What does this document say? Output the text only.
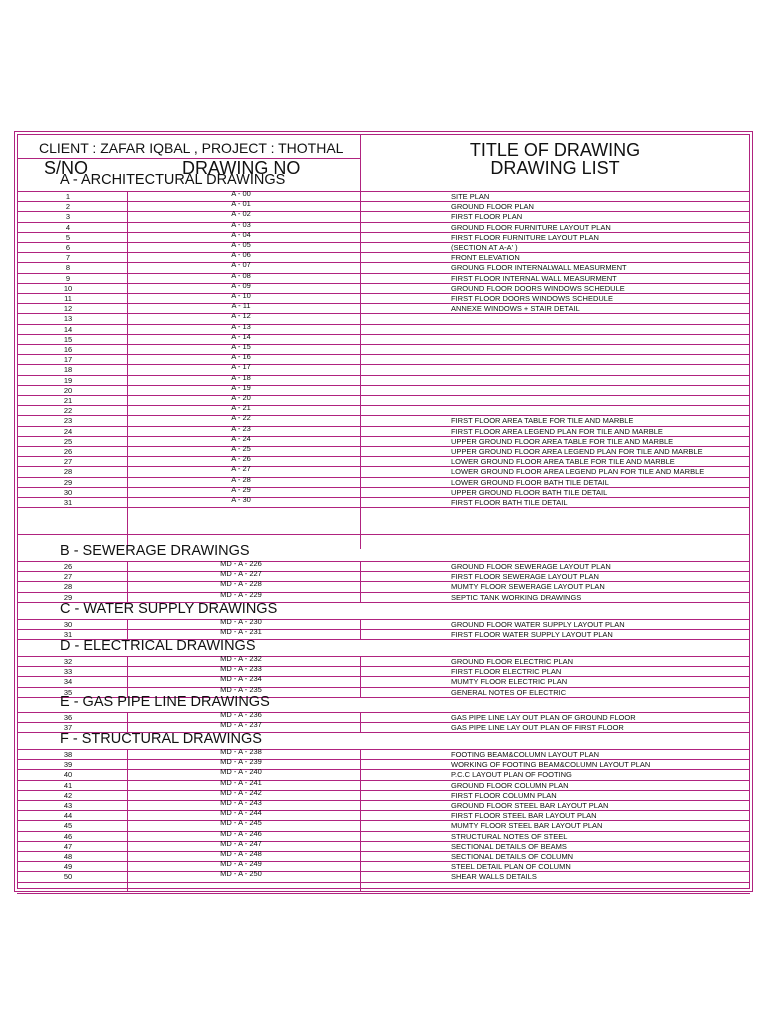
CLIENT : ZAFAR IQBAL , PROJECT : THOTHAL	TITLE OF DRAWING
DRAWING LIST
S/NO	DRAWING NO
A - ARCHITECTURAL DRAWINGS
1	A - 00	SITE PLAN
2	A - 01	GROUND FLOOR PLAN
3	A - 02	FIRST FLOOR PLAN
4	A - 03	GROUND FLOOR FURNITURE LAYOUT PLAN
5	A - 04	FIRST FLOOR FURNITURE LAYOUT PLAN
6	A - 05	(SECTION AT A-A' )
7	A - 06	FRONT ELEVATION
8	A - 07	GROUNG FLOOR INTERNALWALL MEASURMENT
9	A - 08	FIRST FLOOR INTERNAL WALL MEASURMENT
10	A - 09	GROUND FLOOR DOORS WINDOWS SCHEDULE
11	A - 10	FIRST FLOOR DOORS WINDOWS SCHEDULE
12	A - 11	ANNEXE WINDOWS + STAIR DETAIL
13	A - 12
14	A - 13
15	A - 14
16	A - 15
17	A - 16
18	A - 17
19	A - 18
20	A - 19
21	A - 20
22	A - 21
23	A - 22	FIRST FLOOR AREA TABLE FOR TILE AND MARBLE
24	A - 23	FIRST FLOOR AREA LEGEND PLAN FOR TILE AND MARBLE
25	A - 24	UPPER GROUND FLOOR AREA TABLE FOR TILE AND MARBLE
26	A - 25	UPPER GROUND FLOOR AREA LEGEND PLAN FOR TILE AND MARBLE
27	A - 26	LOWER GROUND FLOOR AREA TABLE FOR TILE AND MARBLE
28	A - 27	LOWER GROUND FLOOR AREA LEGEND PLAN FOR TILE AND MARBLE
29	A - 28	LOWER GROUND FLOOR BATH TILE DETAIL
30	A - 29	UPPER GROUND FLOOR BATH TILE DETAIL
31	A - 30	FIRST FLOOR BATH TILE DETAIL
B - SEWERAGE DRAWINGS
26	MD - A - 226	GROUND FLOOR SEWERAGE LAYOUT PLAN
27	MD - A - 227	FIRST FLOOR SEWERAGE LAYOUT PLAN
28	MD - A - 228	MUMTY FLOOR SEWERAGE LAYOUT PLAN
29	MD - A - 229	SEPTIC TANK WORKING DRAWINGS
C - WATER SUPPLY DRAWINGS
30	MD - A - 230	GROUND FLOOR WATER SUPPLY LAYOUT PLAN
31	MD - A - 231	FIRST FLOOR WATER SUPPLY LAYOUT PLAN
D - ELECTRICAL DRAWINGS
32	MD - A - 232	GROUND FLOOR ELECTRIC PLAN
33	MD - A - 233	FIRST FLOOR ELECTRIC PLAN
34	MD - A - 234	MUMTY FLOOR ELECTRIC PLAN
35	MD - A - 235	GENERAL NOTES OF ELECTRIC
E - GAS PIPE LINE DRAWINGS
36	MD - A - 236	GAS PIPE LINE LAY OUT PLAN OF GROUND FLOOR
37	MD - A - 237	GAS PIPE LINE LAY OUT PLAN OF FIRST FLOOR
F - STRUCTURAL DRAWINGS
38	MD - A - 238	FOOTING BEAM&COLUMN LAYOUT PLAN
39	MD - A - 239	WORKING OF FOOTING BEAM&COLUMN LAYOUT PLAN
40	MD - A - 240	P.C.C LAYOUT PLAN OF FOOTING
41	MD - A - 241	GROUND FLOOR COLUMN PLAN
42	MD - A - 242	FIRST FLOOR COLUMN PLAN
43	MD - A - 243	GROUND FLOOR STEEL BAR LAYOUT PLAN
44	MD - A - 244	FIRST FLOOR STEEL BAR LAYOUT PLAN
45	MD - A - 245	MUMTY FLOOR STEEL BAR LAYOUT PLAN
46	MD - A - 246	STRUCTURAL NOTES OF STEEL
47	MD - A - 247	SECTIONAL DETAILS OF BEAMS
48	MD - A - 248	SECTIONAL DETAILS OF COLUMN
49	MD - A - 249	STEEL DETAIL PLAN OF COLUMN
50	MD - A - 250	SHEAR WALLS DETAILS
